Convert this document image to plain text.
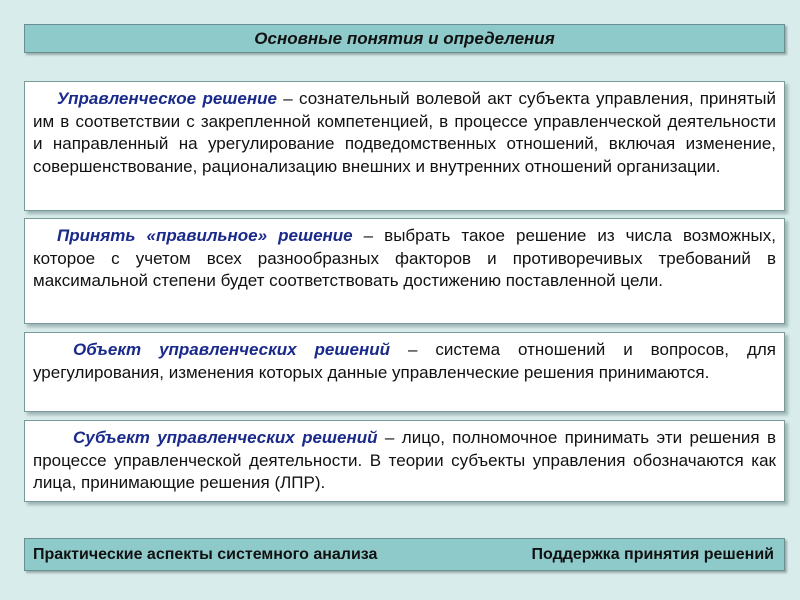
Основные понятия и определения

Управленческое решение – сознательный волевой акт субъекта управления, принятый им в соответствии с закрепленной компетенцией, в процессе управленческой деятельности и направленный на урегулирование подведомственных отношений, включая изменение, совершенствование, рационализацию внешних и внутренних отношений организации.

Принять «правильное» решение – выбрать такое решение из числа возможных, которое с учетом всех разнообразных факторов и противоречивых требований в максимальной степени будет соответствовать достижению поставленной цели.

Объект управленческих решений – система отношений и вопросов, для урегулирования, изменения которых данные управленческие решения принимаются.

Субъект управленческих решений – лицо, полномочное принимать эти решения в процессе управленческой деятельности. В теории субъекты управления обозначаются как лица, принимающие решения (ЛПР).

Практические аспекты системного анализа	Поддержка принятия решений
